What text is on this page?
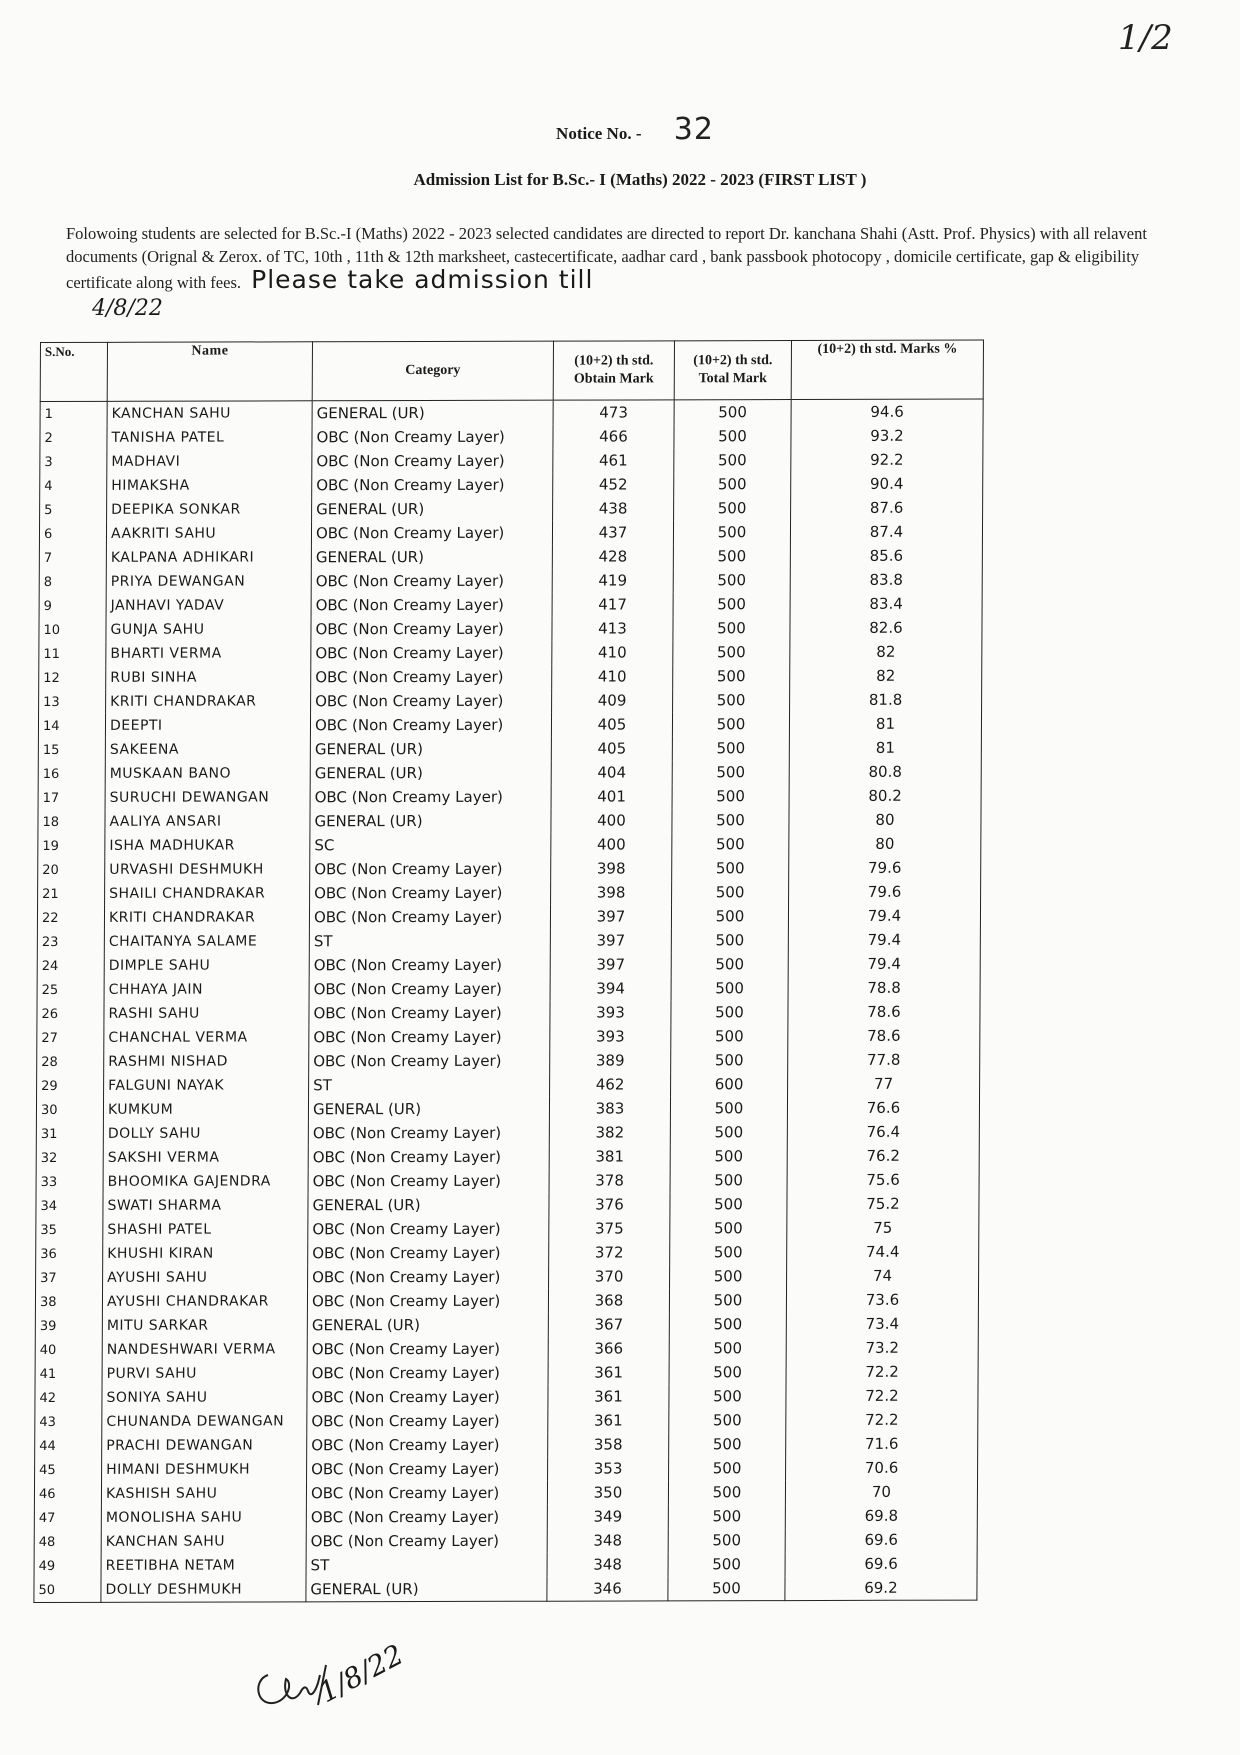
1/2
Notice No. - 32
Admission List for B.Sc.- I (Maths) 2022 - 2023 (FIRST LIST )
Folowoing students are selected for B.Sc.-I (Maths) 2022 - 2023 selected candidates are directed to report Dr. kanchana Shahi (Astt. Prof. Physics) with all relavent documents (Orignal & Zerox. of TC, 10th , 11th & 12th marksheet, castecertificate, aadhar card , bank passbook photocopy , domicile certificate, gap & eligibility certificate along with fees. Please take admission till
4/8/22
S.No.	Name	Category	(10+2) th std. Obtain Mark	(10+2) th std. Total Mark	(10+2) th std. Marks %
1	KANCHAN SAHU	GENERAL (UR)	473	500	94.6
2	TANISHA PATEL	OBC (Non Creamy Layer)	466	500	93.2
3	MADHAVI	OBC (Non Creamy Layer)	461	500	92.2
4	HIMAKSHA	OBC (Non Creamy Layer)	452	500	90.4
5	DEEPIKA SONKAR	GENERAL (UR)	438	500	87.6
6	AAKRITI SAHU	OBC (Non Creamy Layer)	437	500	87.4
7	KALPANA ADHIKARI	GENERAL (UR)	428	500	85.6
8	PRIYA DEWANGAN	OBC (Non Creamy Layer)	419	500	83.8
9	JANHAVI YADAV	OBC (Non Creamy Layer)	417	500	83.4
10	GUNJA SAHU	OBC (Non Creamy Layer)	413	500	82.6
11	BHARTI VERMA	OBC (Non Creamy Layer)	410	500	82
12	RUBI SINHA	OBC (Non Creamy Layer)	410	500	82
13	KRITI CHANDRAKAR	OBC (Non Creamy Layer)	409	500	81.8
14	DEEPTI	OBC (Non Creamy Layer)	405	500	81
15	SAKEENA	GENERAL (UR)	405	500	81
16	MUSKAAN BANO	GENERAL (UR)	404	500	80.8
17	SURUCHI DEWANGAN	OBC (Non Creamy Layer)	401	500	80.2
18	AALIYA ANSARI	GENERAL (UR)	400	500	80
19	ISHA MADHUKAR	SC	400	500	80
20	URVASHI DESHMUKH	OBC (Non Creamy Layer)	398	500	79.6
21	SHAILI CHANDRAKAR	OBC (Non Creamy Layer)	398	500	79.6
22	KRITI CHANDRAKAR	OBC (Non Creamy Layer)	397	500	79.4
23	CHAITANYA SALAME	ST	397	500	79.4
24	DIMPLE SAHU	OBC (Non Creamy Layer)	397	500	79.4
25	CHHAYA JAIN	OBC (Non Creamy Layer)	394	500	78.8
26	RASHI SAHU	OBC (Non Creamy Layer)	393	500	78.6
27	CHANCHAL VERMA	OBC (Non Creamy Layer)	393	500	78.6
28	RASHMI NISHAD	OBC (Non Creamy Layer)	389	500	77.8
29	FALGUNI NAYAK	ST	462	600	77
30	KUMKUM	GENERAL (UR)	383	500	76.6
31	DOLLY SAHU	OBC (Non Creamy Layer)	382	500	76.4
32	SAKSHI VERMA	OBC (Non Creamy Layer)	381	500	76.2
33	BHOOMIKA GAJENDRA	OBC (Non Creamy Layer)	378	500	75.6
34	SWATI SHARMA	GENERAL (UR)	376	500	75.2
35	SHASHI PATEL	OBC (Non Creamy Layer)	375	500	75
36	KHUSHI KIRAN	OBC (Non Creamy Layer)	372	500	74.4
37	AYUSHI SAHU	OBC (Non Creamy Layer)	370	500	74
38	AYUSHI CHANDRAKAR	OBC (Non Creamy Layer)	368	500	73.6
39	MITU SARKAR	GENERAL (UR)	367	500	73.4
40	NANDESHWARI VERMA	OBC (Non Creamy Layer)	366	500	73.2
41	PURVI SAHU	OBC (Non Creamy Layer)	361	500	72.2
42	SONIYA SAHU	OBC (Non Creamy Layer)	361	500	72.2
43	CHUNANDA DEWANGAN	OBC (Non Creamy Layer)	361	500	72.2
44	PRACHI DEWANGAN	OBC (Non Creamy Layer)	358	500	71.6
45	HIMANI DESHMUKH	OBC (Non Creamy Layer)	353	500	70.6
46	KASHISH SAHU	OBC (Non Creamy Layer)	350	500	70
47	MONOLISHA SAHU	OBC (Non Creamy Layer)	349	500	69.8
48	KANCHAN SAHU	OBC (Non Creamy Layer)	348	500	69.6
49	REETIBHA NETAM	ST	348	500	69.6
50	DOLLY DESHMUKH	GENERAL (UR)	346	500	69.2
1/8/22
